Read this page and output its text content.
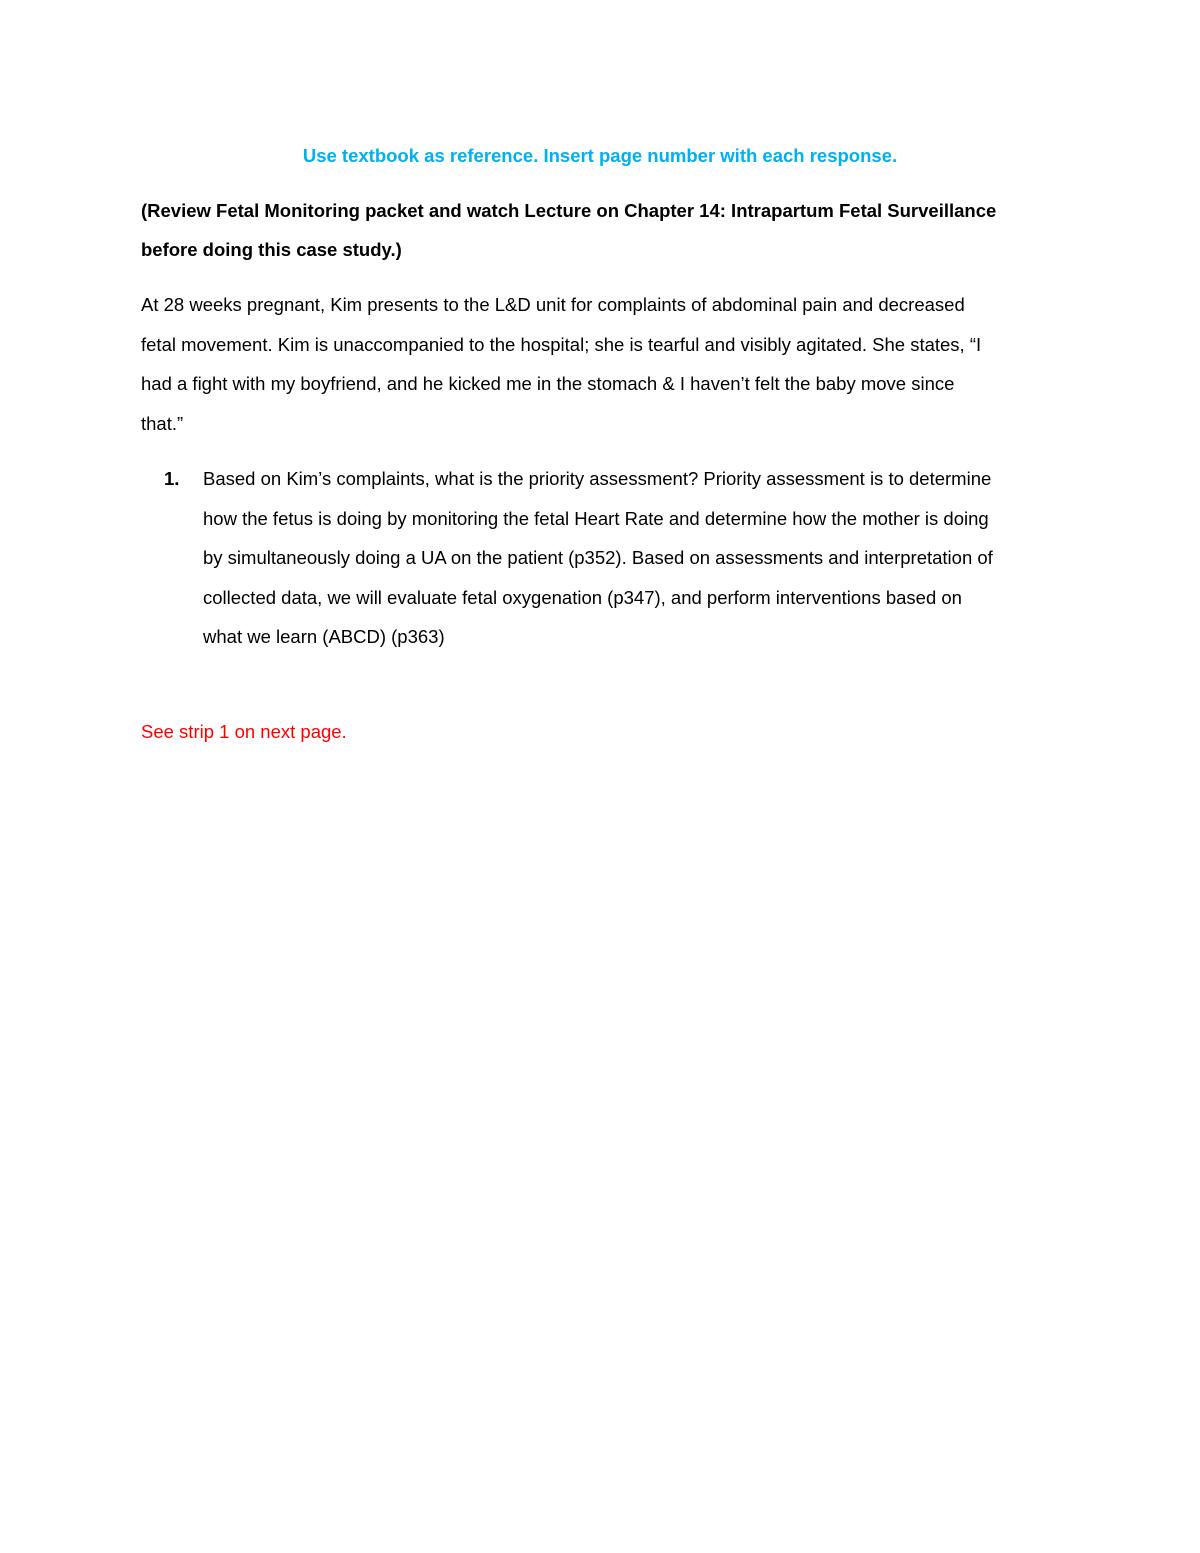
Use textbook as reference. Insert page number with each response.

(Review Fetal Monitoring packet and watch Lecture on Chapter 14: Intrapartum Fetal Surveillance

before doing this case study.)

At 28 weeks pregnant, Kim presents to the L&D unit for complaints of abdominal pain and decreased

fetal movement. Kim is unaccompanied to the hospital; she is tearful and visibly agitated. She states, “I

had a fight with my boyfriend, and he kicked me in the stomach & I haven’t felt the baby move since

that.”

1. Based on Kim’s complaints, what is the priority assessment? Priority assessment is to determine

how the fetus is doing by monitoring the fetal Heart Rate and determine how the mother is doing

by simultaneously doing a UA on the patient (p352). Based on assessments and interpretation of

collected data, we will evaluate fetal oxygenation (p347), and perform interventions based on

what we learn (ABCD) (p363)

See strip 1 on next page.
